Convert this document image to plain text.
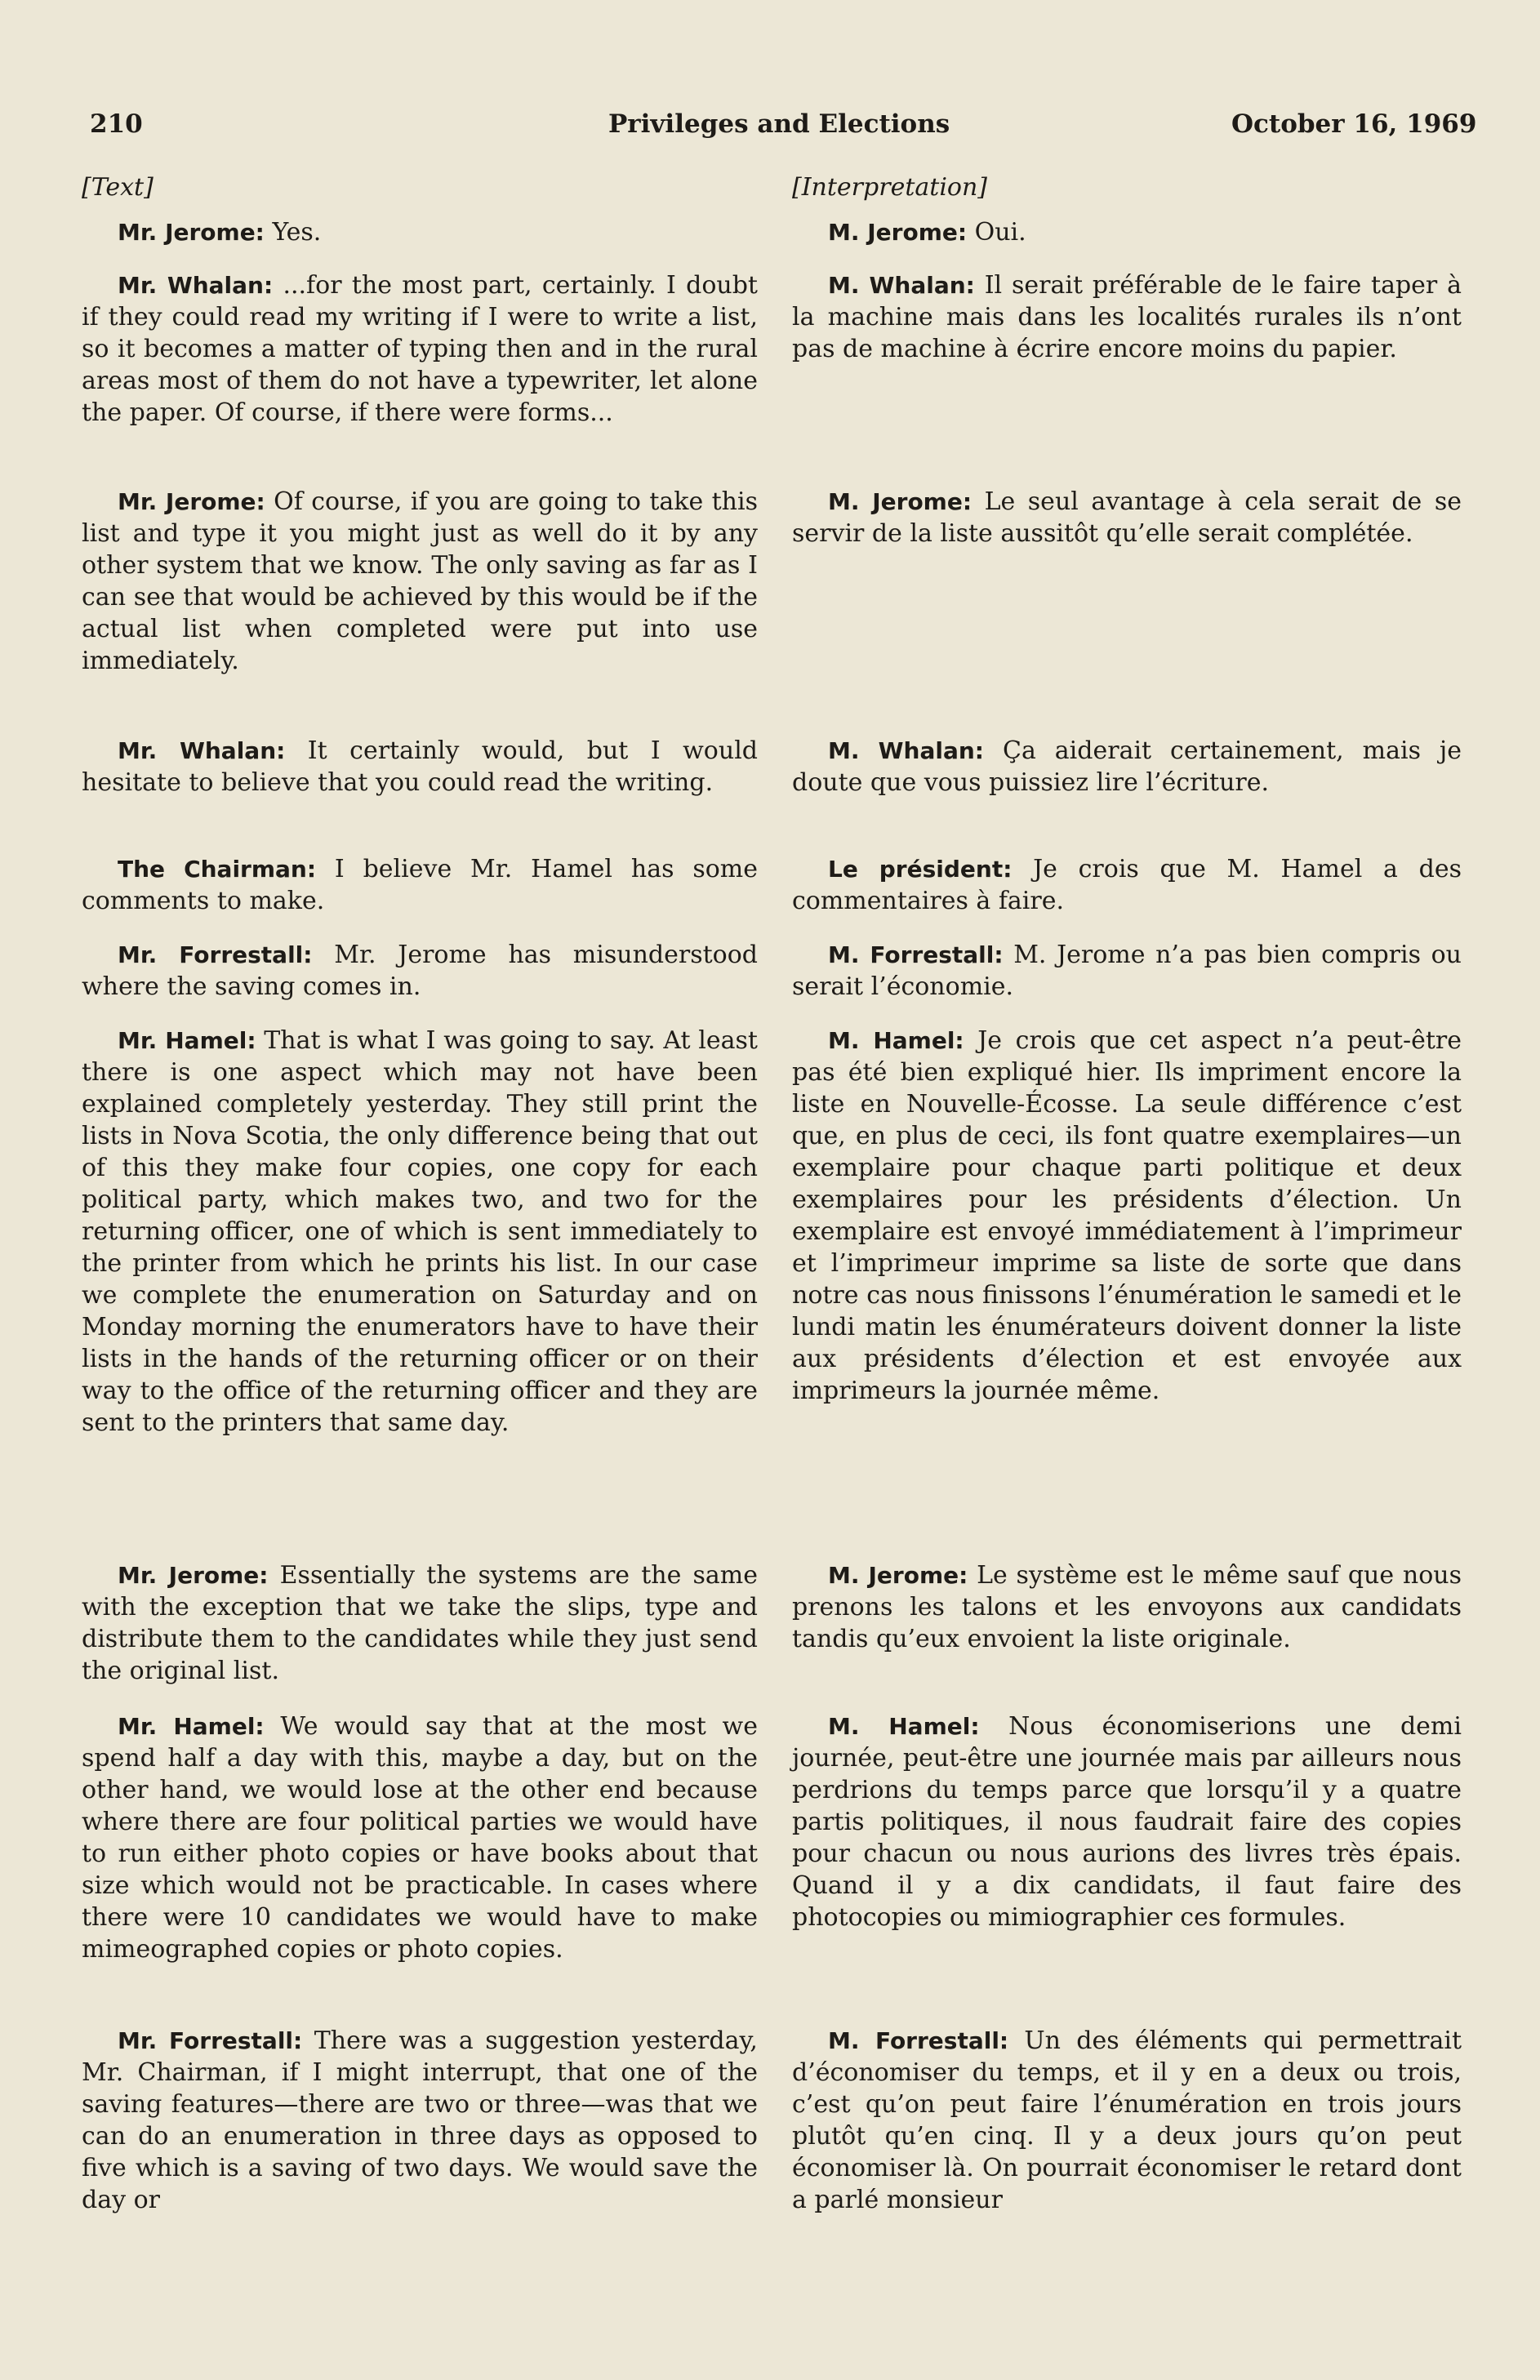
210	Privileges and Elections	October 16, 1969
[Text]

Mr. Jerome: Yes.

Mr. Whalan: ...for the most part, certainly. I doubt if they could read my writing if I were to write a list, so it becomes a matter of typing then and in the rural areas most of them do not have a typewriter, let alone the paper. Of course, if there were forms...

Mr. Jerome: Of course, if you are going to take this list and type it you might just as well do it by any other system that we know. The only saving as far as I can see that would be achieved by this would be if the actual list when completed were put into use immediately.

Mr. Whalan: It certainly would, but I would hesitate to believe that you could read the writing.

The Chairman: I believe Mr. Hamel has some comments to make.

Mr. Forrestall: Mr. Jerome has misunderstood where the saving comes in.

Mr. Hamel: That is what I was going to say. At least there is one aspect which may not have been explained completely yesterday. They still print the lists in Nova Scotia, the only difference being that out of this they make four copies, one copy for each political party, which makes two, and two for the returning officer, one of which is sent immediately to the printer from which he prints his list. In our case we complete the enumeration on Saturday and on Monday morning the enumerators have to have their lists in the hands of the returning officer or on their way to the office of the returning officer and they are sent to the printers that same day.

Mr. Jerome: Essentially the systems are the same with the exception that we take the slips, type and distribute them to the candidates while they just send the original list.

Mr. Hamel: We would say that at the most we spend half a day with this, maybe a day, but on the other hand, we would lose at the other end because where there are four political parties we would have to run either photo copies or have books about that size which would not be practicable. In cases where there were 10 candidates we would have to make mimeographed copies or photo copies.

Mr. Forrestall: There was a suggestion yesterday, Mr. Chairman, if I might interrupt, that one of the saving features—there are two or three—was that we can do an enumeration in three days as opposed to five which is a saving of two days. We would save the day or

[Interpretation]

M. Jerome: Oui.

M. Whalan: Il serait préférable de le faire taper à la machine mais dans les localités rurales ils n’ont pas de machine à écrire encore moins du papier.

M. Jerome: Le seul avantage à cela serait de se servir de la liste aussitôt qu’elle serait complétée.

M. Whalan: Ça aiderait certainement, mais je doute que vous puissiez lire l’écriture.

Le président: Je crois que M. Hamel a des commentaires à faire.

M. Forrestall: M. Jerome n’a pas bien compris ou serait l’économie.

M. Hamel: Je crois que cet aspect n’a peut-être pas été bien expliqué hier. Ils impriment encore la liste en Nouvelle-Écosse. La seule différence c’est que, en plus de ceci, ils font quatre exemplaires—un exemplaire pour chaque parti politique et deux exemplaires pour les présidents d’élection. Un exemplaire est envoyé immédiatement à l’imprimeur et l’imprimeur imprime sa liste de sorte que dans notre cas nous finissons l’énumération le samedi et le lundi matin les énumérateurs doivent donner la liste aux présidents d’élection et est envoyée aux imprimeurs la journée même.

M. Jerome: Le système est le même sauf que nous prenons les talons et les envoyons aux candidats tandis qu’eux envoient la liste originale.

M. Hamel: Nous économiserions une demi journée, peut-être une journée mais par ailleurs nous perdrions du temps parce que lorsqu’il y a quatre partis politiques, il nous faudrait faire des copies pour chacun ou nous aurions des livres très épais. Quand il y a dix candidats, il faut faire des photocopies ou mimiographier ces formules.

M. Forrestall: Un des éléments qui permettrait d’économiser du temps, et il y en a deux ou trois, c’est qu’on peut faire l’énumération en trois jours plutôt qu’en cinq. Il y a deux jours qu’on peut économiser là. On pourrait économiser le retard dont a parlé monsieur
